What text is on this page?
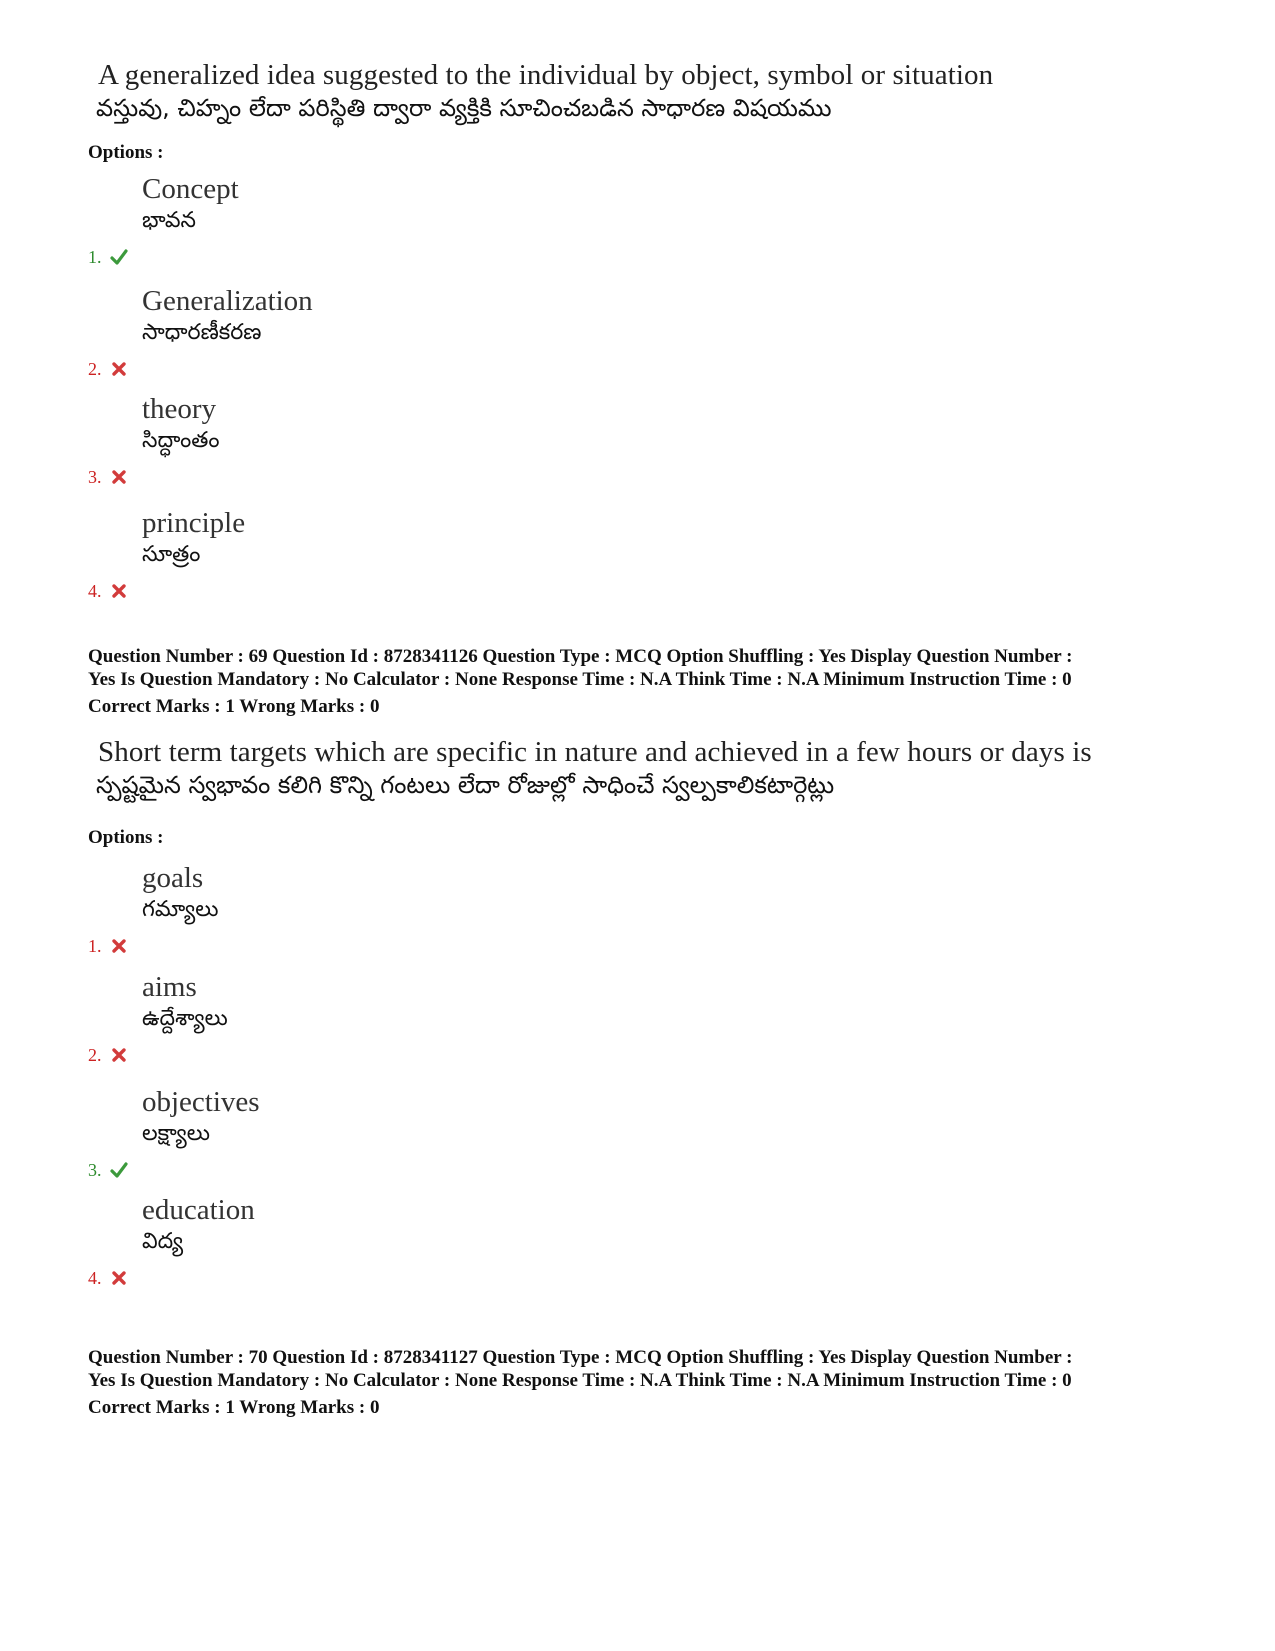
A generalized idea suggested to the individual by object, symbol or situation
వస్తువు, చిహ్నం లేదా పరిస్థితి ద్వారా వ్యక్తికి సూచించబడిన సాధారణ విషయము
Options :
1.
Concept
భావన
2.
Generalization
సాధారణీకరణ
3.
theory
సిద్ధాంతం
4.
principle
సూత్రం
Question Number : 69 Question Id : 8728341126 Question Type : MCQ Option Shuffling : Yes Display Question Number :
Yes Is Question Mandatory : No Calculator : None Response Time : N.A Think Time : N.A Minimum Instruction Time : 0
Correct Marks : 1 Wrong Marks : 0
Short term targets which are specific in nature and achieved in a few hours or days is
స్పష్టమైన స్వభావం కలిగి కొన్ని గంటలు లేదా రోజుల్లో సాధించే స్వల్పకాలికటార్గెట్లు
Options :
1.
goals
గమ్యాలు
2.
aims
ఉద్దేశ్యాలు
3.
objectives
లక్ష్యాలు
4.
education
విద్య
Question Number : 70 Question Id : 8728341127 Question Type : MCQ Option Shuffling : Yes Display Question Number :
Yes Is Question Mandatory : No Calculator : None Response Time : N.A Think Time : N.A Minimum Instruction Time : 0
Correct Marks : 1 Wrong Marks : 0
